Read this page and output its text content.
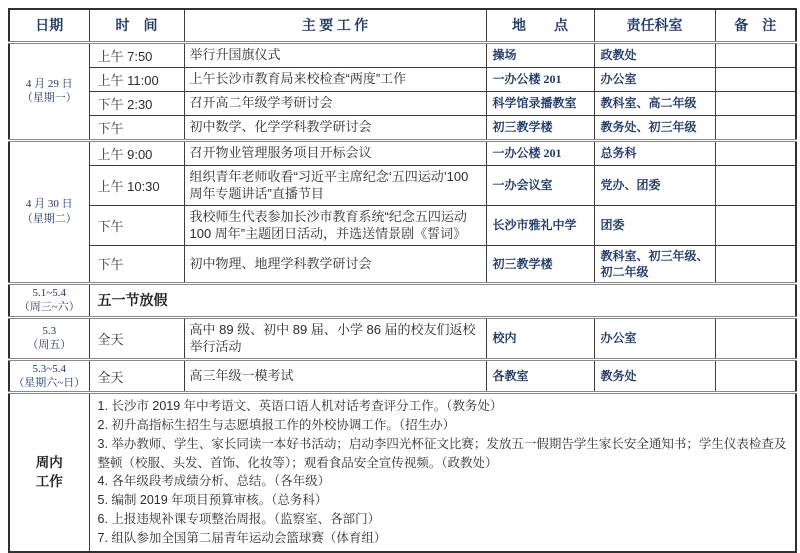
日期	时　间	主 要 工 作	地　　点	责任科室	备　注

4 月 29 日
（星期一）	上午 7:50	举行升国旗仪式	操场	政教处	
	上午 11:00	上午长沙市教育局来校检查“两度”工作	一办公楼 201	办公室	
	下午 2:30	召开高二年级学考研讨会	科学馆录播教室	教科室、高二年级	
	下午	初中数学、化学学科教学研讨会	初三教学楼	教务处、初三年级	

4 月 30 日
（星期二）	上午 9:00	召开物业管理服务项目开标会议	一办公楼 201	总务科	
	上午 10:30	组织青年老师收看“习近平主席纪念‘五四运动’100 周年专题讲话”直播节目	一办会议室	党办、团委	
	下午	我校师生代表参加长沙市教育系统“纪念五四运动 100 周年”主题团日活动，并选送情景剧《誓词》	长沙市雅礼中学	团委	
	下午	初中物理、地理学科教学研讨会	初三教学楼	教科室、初三年级、初二年级	

5.1~5.4
（周三~六）	五一节放假				

5.3
（周五）	全天	高中 89 级、初中 89 届、小学 86 届的校友们返校举行活动	校内	办公室	

5.3~5.4
（星期六~日）	全天	高三年级一模考试	各教室	教务处	

周内
工作

1. 长沙市 2019 年中考语文、英语口语人机对话考查评分工作。（教务处）
2. 初升高指标生招生与志愿填报工作的外校协调工作。（招生办）
3. 举办教师、学生、家长同读一本好书活动；启动李四光杯征文比赛；发放五一假期告学生家长安全通知书；学生仪表检查及整顿（校服、头发、首饰、化妆等）；观看食品安全宣传视频。（政教处）
4. 各年级段考成绩分析、总结。（各年级）
5. 编制 2019 年项目预算审核。（总务科）
6. 上报违规补课专项整治周报。（监察室、各部门）
7. 组队参加全国第二届青年运动会篮球赛（体育组）
